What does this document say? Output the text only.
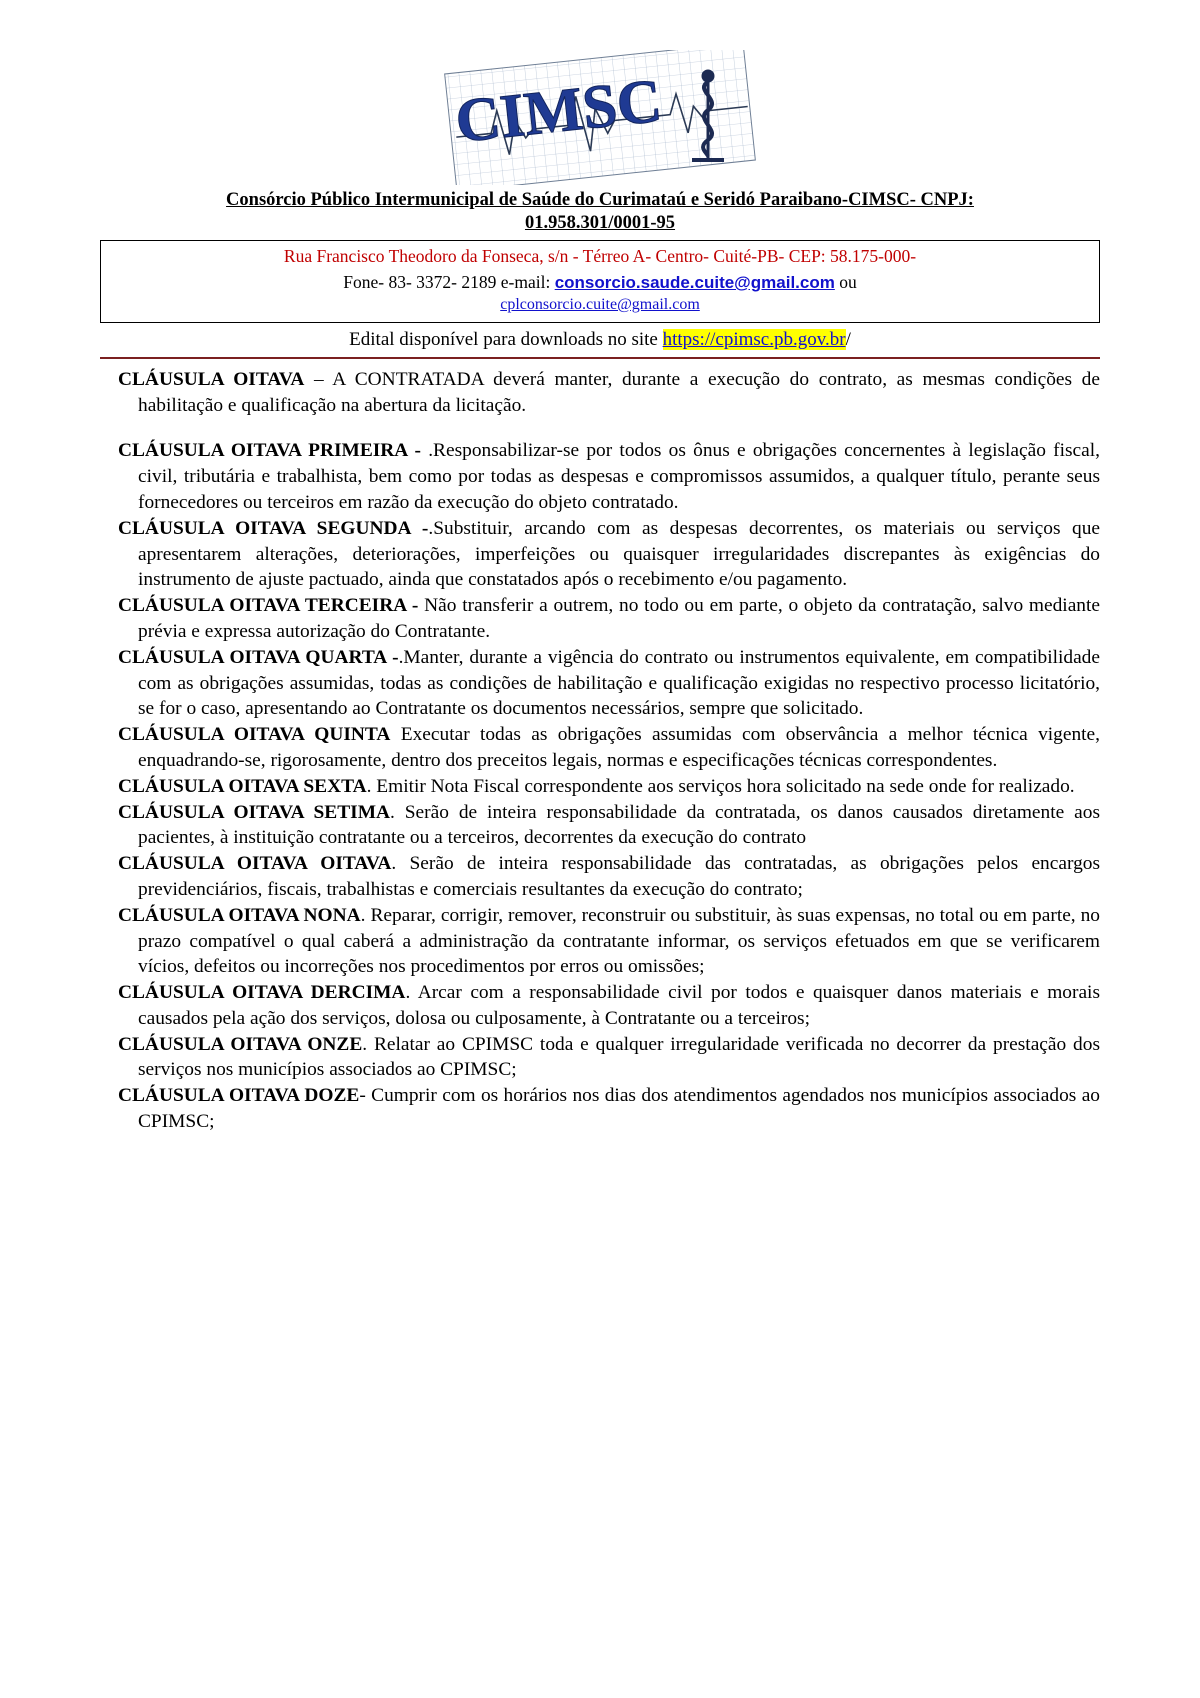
CIMSC
Consórcio Público Intermunicipal de Saúde do Curimataú e Seridó Paraibano-CIMSC- CNPJ:
01.958.301/0001-95
Rua Francisco Theodoro da Fonseca, s/n - Térreo A- Centro- Cuité-PB- CEP: 58.175-000-
Fone- 83- 3372- 2189 e-mail: consorcio.saude.cuite@gmail.com ou
cplconsorcio.cuite@gmail.com
Edital disponível para downloads no site https://cpimsc.pb.gov.br/

CLÁUSULA OITAVA – A CONTRATADA deverá manter, durante a execução do contrato, as mesmas condições de habilitação e qualificação na abertura da licitação.

CLÁUSULA OITAVA PRIMEIRA - .Responsabilizar-se por todos os ônus e obrigações concernentes à legislação fiscal, civil, tributária e trabalhista, bem como por todas as despesas e compromissos assumidos, a qualquer título, perante seus fornecedores ou terceiros em razão da execução do objeto contratado.

CLÁUSULA OITAVA SEGUNDA -.Substituir, arcando com as despesas decorrentes, os materiais ou serviços que apresentarem alterações, deteriorações, imperfeições ou quaisquer irregularidades discrepantes às exigências do instrumento de ajuste pactuado, ainda que constatados após o recebimento e/ou pagamento.

CLÁUSULA OITAVA TERCEIRA - Não transferir a outrem, no todo ou em parte, o objeto da contratação, salvo mediante prévia e expressa autorização do Contratante.

CLÁUSULA OITAVA QUARTA -.Manter, durante a vigência do contrato ou instrumentos equivalente, em compatibilidade com as obrigações assumidas, todas as condições de habilitação e qualificação exigidas no respectivo processo licitatório, se for o caso, apresentando ao Contratante os documentos necessários, sempre que solicitado.

CLÁUSULA OITAVA QUINTA Executar todas as obrigações assumidas com observância a melhor técnica vigente, enquadrando-se, rigorosamente, dentro dos preceitos legais, normas e especificações técnicas correspondentes.

CLÁUSULA OITAVA SEXTA. Emitir Nota Fiscal correspondente aos serviços hora solicitado na sede onde for realizado.

CLÁUSULA OITAVA SETIMA. Serão de inteira responsabilidade da contratada, os danos causados diretamente aos pacientes, à instituição contratante ou a terceiros, decorrentes da execução do contrato

CLÁUSULA OITAVA OITAVA. Serão de inteira responsabilidade das contratadas, as obrigações pelos encargos previdenciários, fiscais, trabalhistas e comerciais resultantes da execução do contrato;

CLÁUSULA OITAVA NONA. Reparar, corrigir, remover, reconstruir ou substituir, às suas expensas, no total ou em parte, no prazo compatível o qual caberá a administração da contratante informar, os serviços efetuados em que se verificarem vícios, defeitos ou incorreções nos procedimentos por erros ou omissões;

CLÁUSULA OITAVA DERCIMA. Arcar com a responsabilidade civil por todos e quaisquer danos materiais e morais causados pela ação dos serviços, dolosa ou culposamente, à Contratante ou a terceiros;

CLÁUSULA OITAVA ONZE. Relatar ao CPIMSC toda e qualquer irregularidade verificada no decorrer da prestação dos serviços nos municípios associados ao CPIMSC;

CLÁUSULA OITAVA DOZE- Cumprir com os horários nos dias dos atendimentos agendados nos municípios associados ao CPIMSC;
